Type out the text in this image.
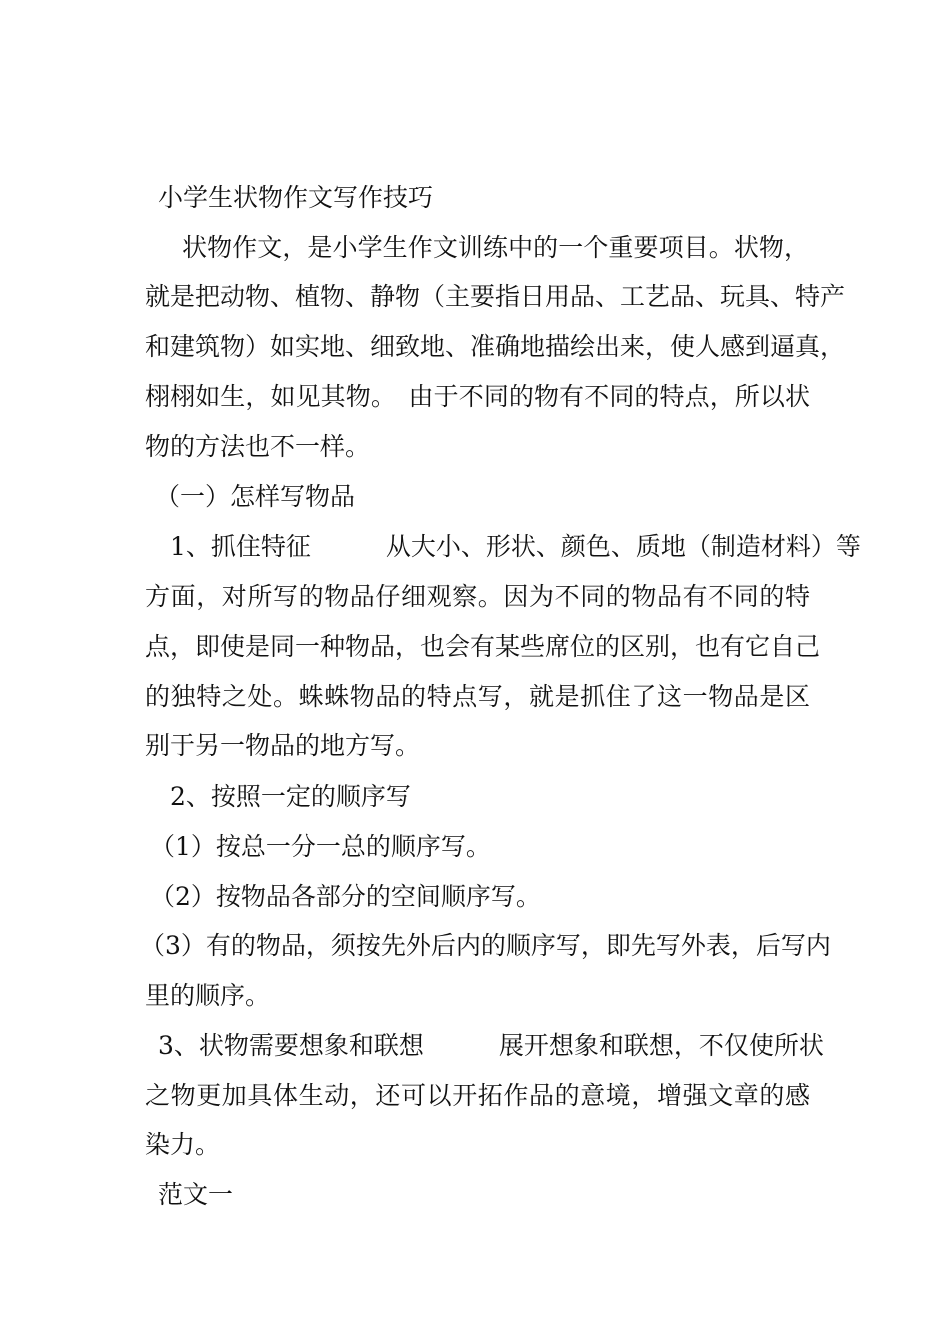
小学生状物作文写作技巧
状物作文，是小学生作文训练中的一个重要项目。状物，
就是把动物、植物、静物（主要指日用品、工艺品、玩具、特产
和建筑物）如实地、细致地、准确地描绘出来，使人感到逼真，
栩栩如生，如见其物。　由于不同的物有不同的特点，所以状
物的方法也不一样。
（一）怎样写物品
1、抓住特征　　　从大小、形状、颜色、质地（制造材料）等
方面，对所写的物品仔细观察。因为不同的物品有不同的特
点，即使是同一种物品，也会有某些席位的区别，也有它自己
的独特之处。蛛蛛物品的特点写，就是抓住了这一物品是区
别于另一物品的地方写。
2、按照一定的顺序写
（1）按总一分一总的顺序写。
（2）按物品各部分的空间顺序写。
（3）有的物品，须按先外后内的顺序写，即先写外表，后写内
里的顺序。
3、状物需要想象和联想　　　展开想象和联想，不仅使所状
之物更加具体生动，还可以开拓作品的意境，增强文章的感
染力。
范文一
